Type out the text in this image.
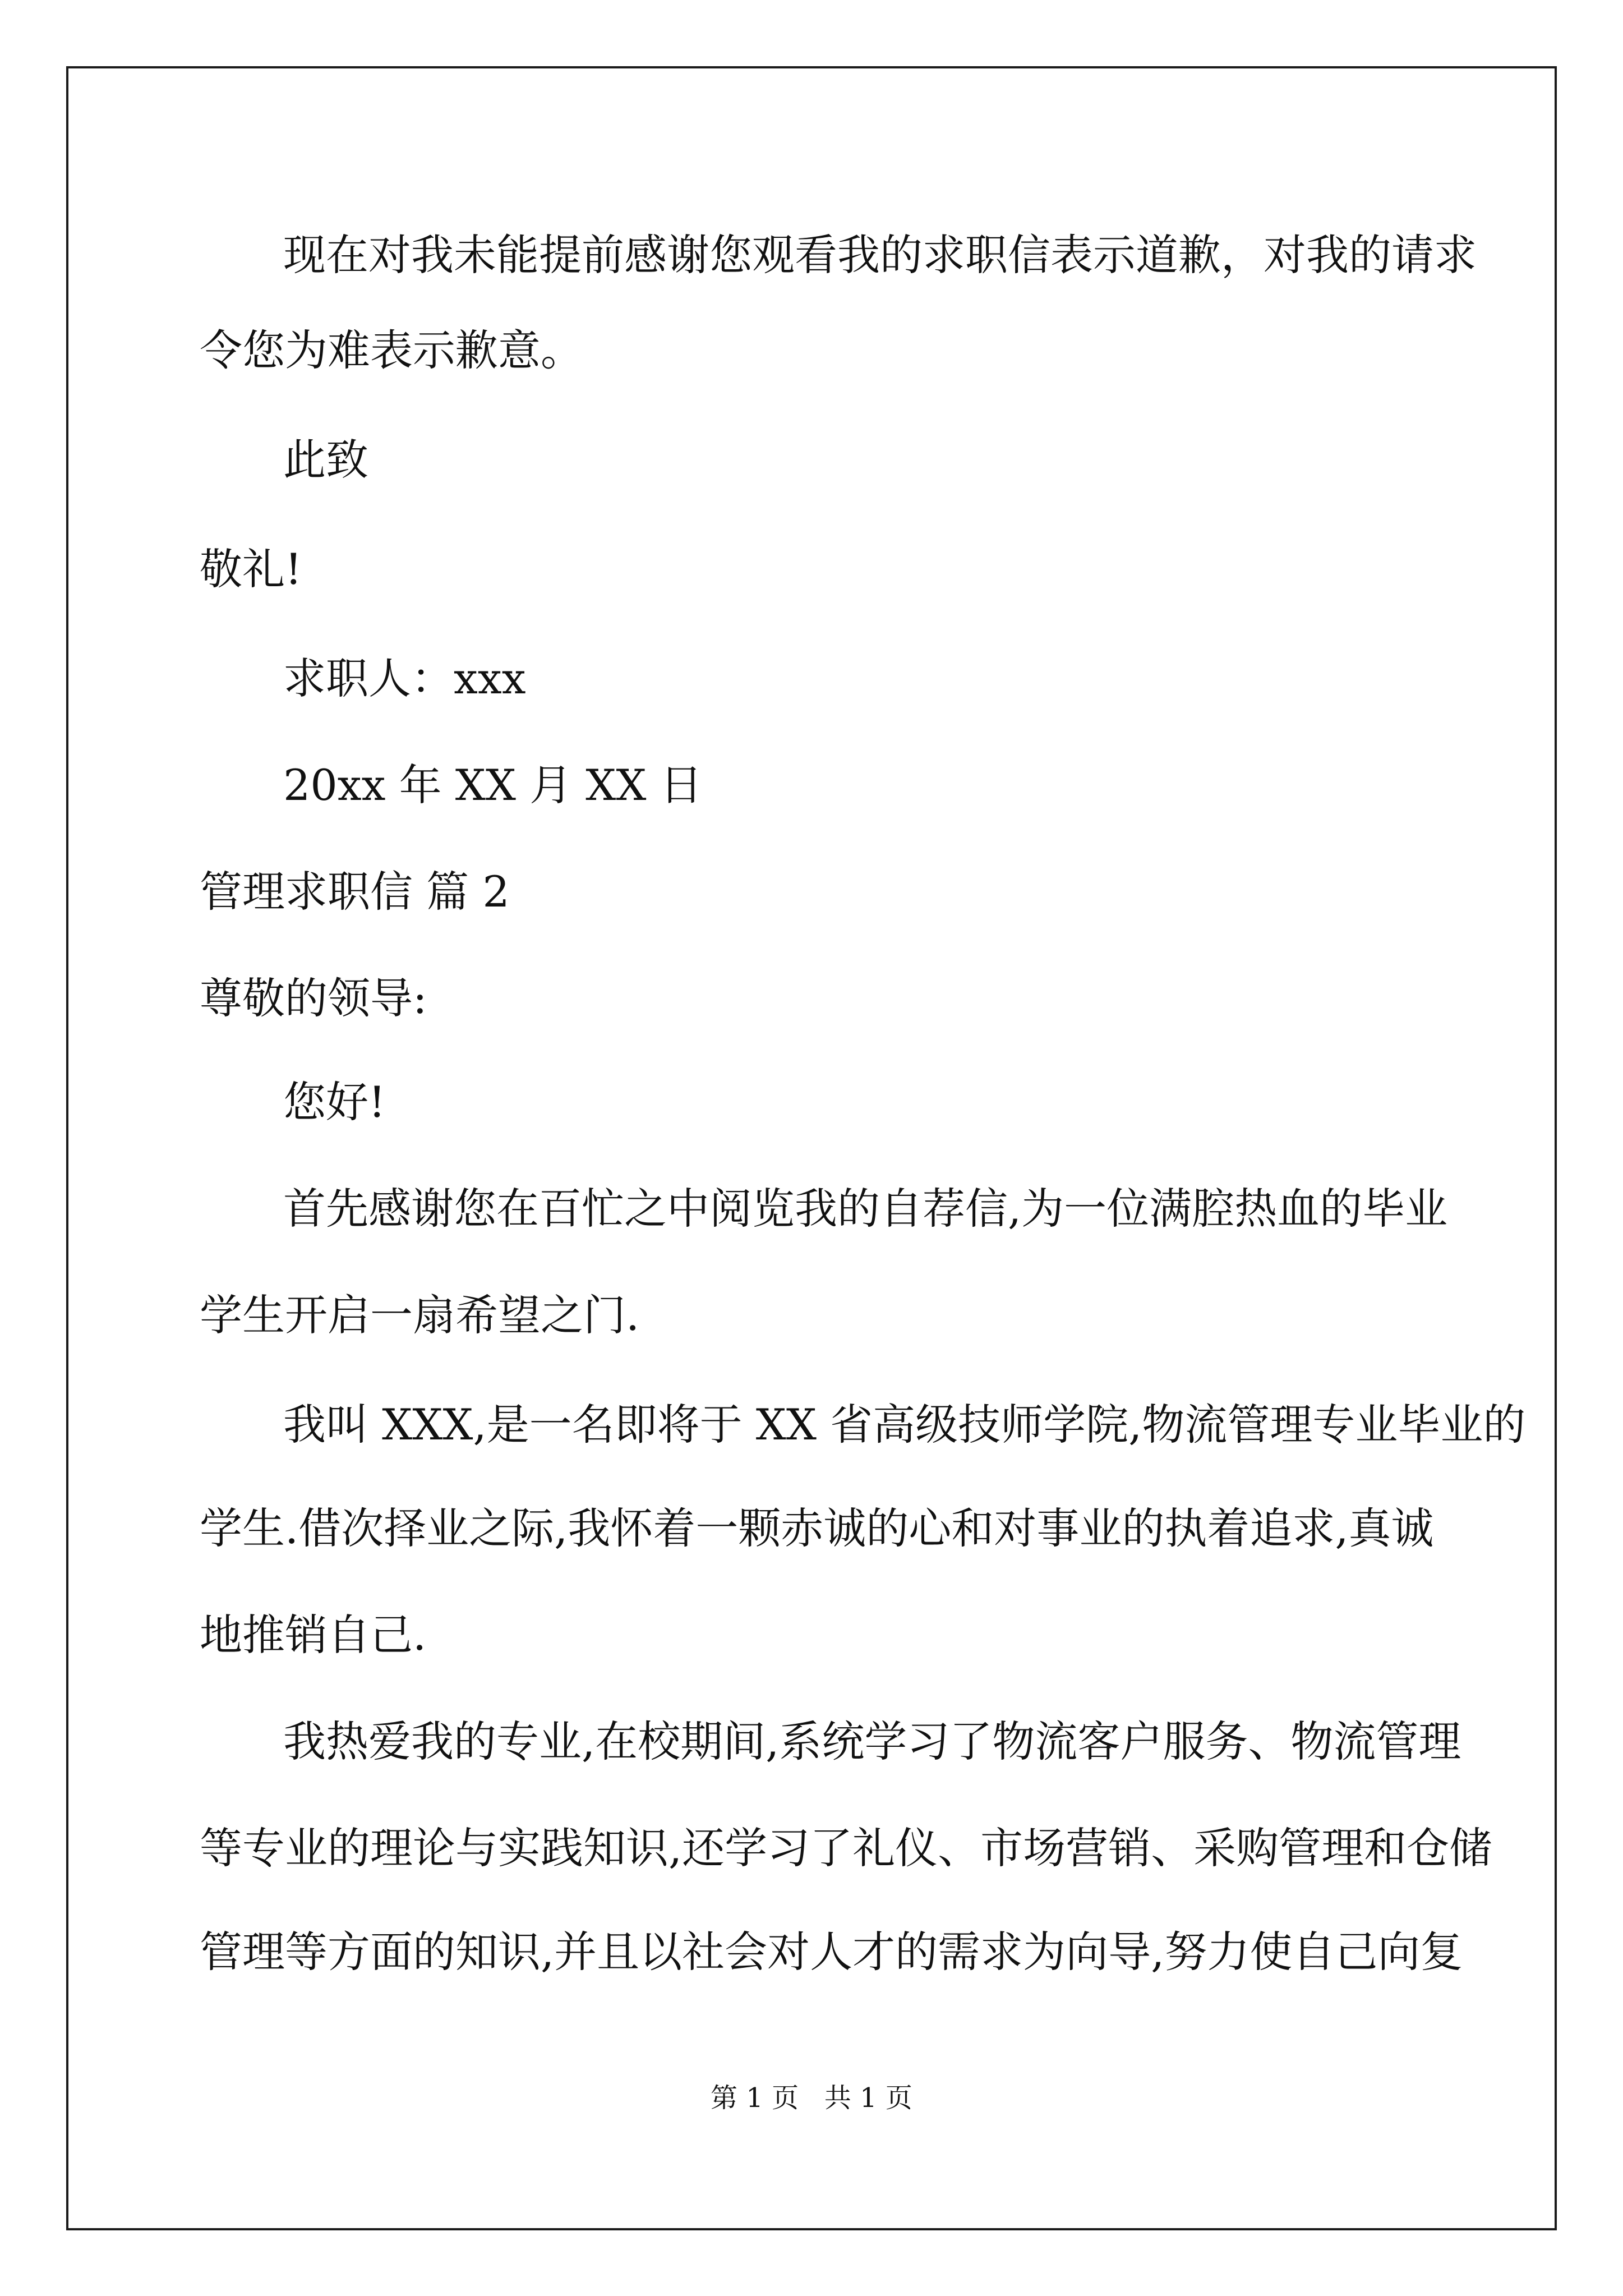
现在对我未能提前感谢您观看我的求职信表示道歉，对我的请求
令您为难表示歉意。
此致
敬礼!
求职人：xxx
20xx 年 XX 月 XX 日
管理求职信 篇 2
尊敬的领导:
您好!
首先感谢您在百忙之中阅览我的自荐信,为一位满腔热血的毕业
学生开启一扇希望之门.
我叫 XXX,是一名即将于 XX 省高级技师学院,物流管理专业毕业的
学生.借次择业之际,我怀着一颗赤诚的心和对事业的执着追求,真诚
地推销自己.
我热爱我的专业,在校期间,系统学习了物流客户服务、物流管理
等专业的理论与实践知识,还学习了礼仪、市场营销、采购管理和仓储
管理等方面的知识,并且以社会对人才的需求为向导,努力使自己向复
第 1 页   共 1 页
